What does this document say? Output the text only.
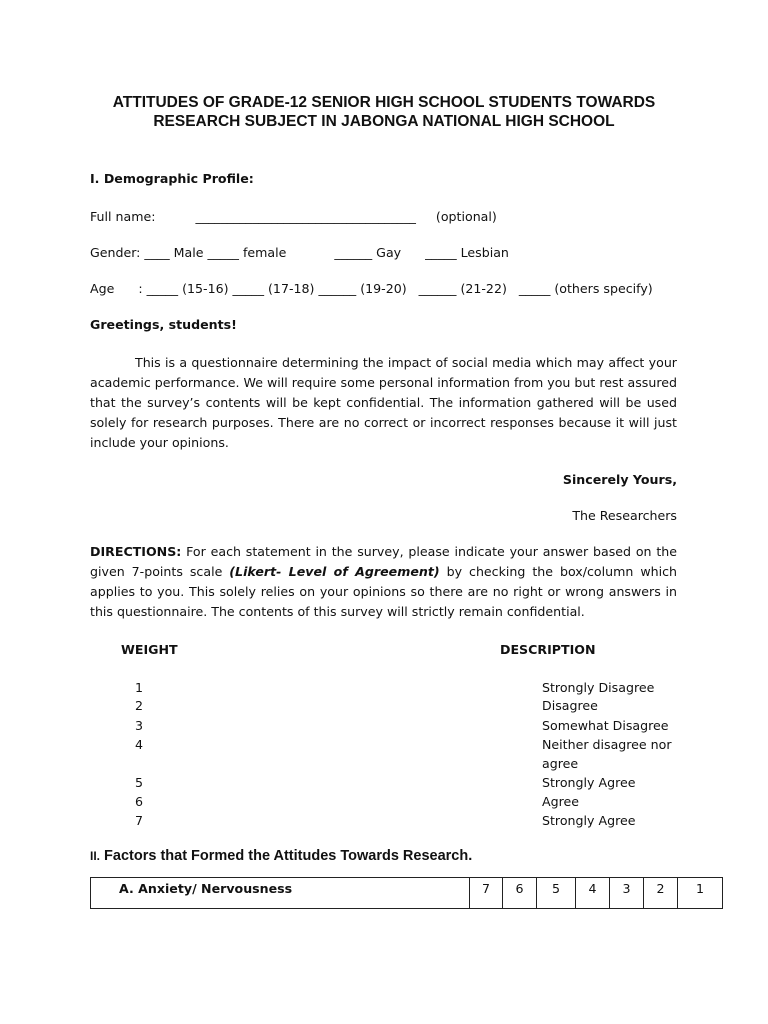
ATTITUDES OF GRADE-12 SENIOR HIGH SCHOOL STUDENTS TOWARDS
RESEARCH SUBJECT IN JABONGA NATIONAL HIGH SCHOOL
I. Demographic Profile:
Full name:          ___________________________________     (optional)
Gender: ____ Male _____ female            ______ Gay      _____ Lesbian
Age      : _____ (15-16) _____ (17-18) ______ (19-20)   ______ (21-22)   _____ (others specify)
Greetings, students!
This is a questionnaire determining the impact of social media which may affect your academic performance. We will require some personal information from you but rest assured that the survey’s contents will be kept confidential. The information gathered will be used solely for research purposes. There are no correct or incorrect responses because it will just include your opinions.
Sincerely Yours,
The Researchers
DIRECTIONS: For each statement in the survey, please indicate your answer based on the given 7-points scale (Likert- Level of Agreement) by checking the box/column which applies to you. This solely relies on your opinions so there are no right or wrong answers in this questionnaire. The contents of this survey will strictly remain confidential.
WEIGHT	DESCRIPTION
1	Strongly Disagree
2	Disagree
3	Somewhat Disagree
4	Neither disagree nor agree
5	Strongly Agree
6	Agree
7	Strongly Agree
II. Factors that Formed the Attitudes Towards Research.
A. Anxiety/ Nervousness	7	6	5	4	3	2	1
